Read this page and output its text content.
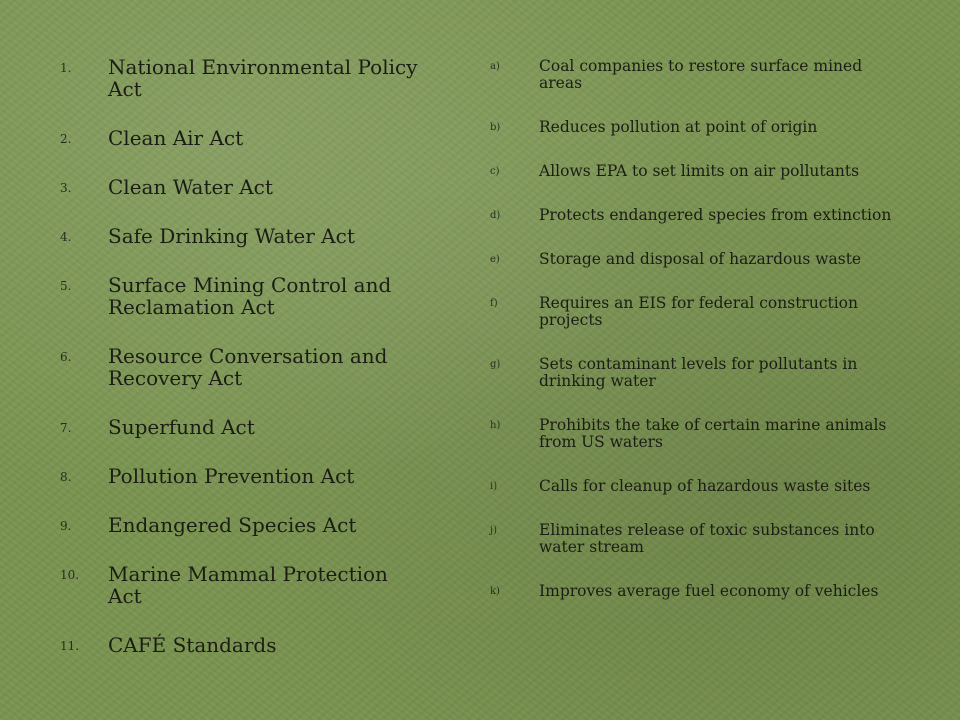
1. National Environmental Policy Act
2. Clean Air Act
3. Clean Water Act
4. Safe Drinking Water Act
5. Surface Mining Control and Reclamation Act
6. Resource Conversation and Recovery Act
7. Superfund Act
8. Pollution Prevention Act
9. Endangered Species Act
10. Marine Mammal Protection Act
11. CAFÉ Standards
a)	Coal companies to restore surface mined areas
b) Reduces pollution at point of origin
c)	Allows EPA to set limits on air pollutants
d) Protects endangered species from extinction
e)	Storage and disposal of hazardous waste
f)	Requires an EIS for federal construction projects
g) Sets contaminant levels for pollutants in drinking water
h) Prohibits the take of certain marine animals from US waters
i)	Calls for cleanup of hazardous waste sites
j)	Eliminates release of toxic substances into water stream
k)	Improves average fuel economy of vehicles
